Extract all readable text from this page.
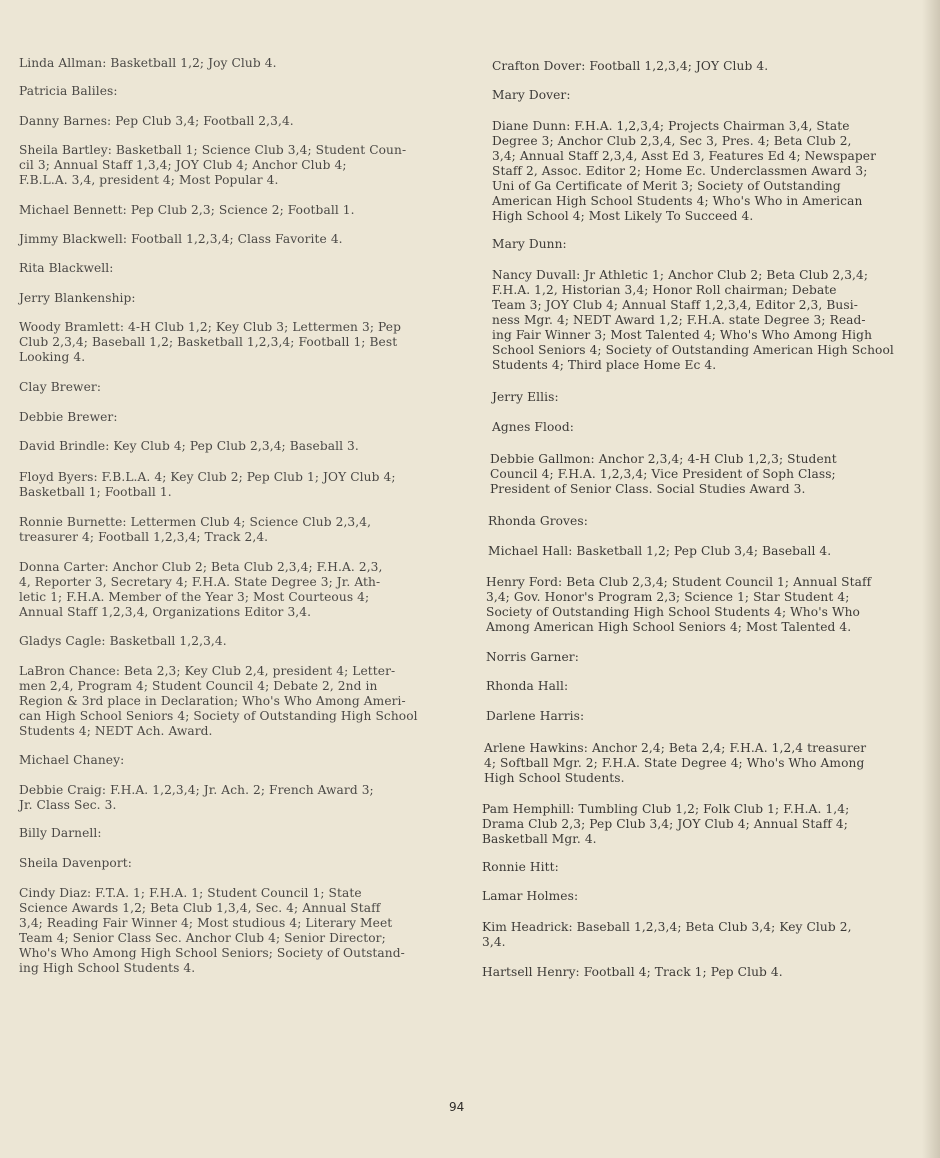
Linda Allman: Basketball 1,2; Joy Club 4.

Patricia Baliles:

Danny Barnes: Pep Club 3,4; Football 2,3,4.

Sheila Bartley: Basketball 1; Science Club 3,4; Student Coun-
cil 3; Annual Staff 1,3,4; JOY Club 4; Anchor Club 4;
F.B.L.A. 3,4, president 4; Most Popular 4.

Michael Bennett: Pep Club 2,3; Science 2; Football 1.

Jimmy Blackwell: Football 1,2,3,4; Class Favorite 4.

Rita Blackwell:

Jerry Blankenship:

Woody Bramlett: 4-H Club 1,2; Key Club 3; Lettermen 3; Pep
Club 2,3,4; Baseball 1,2; Basketball 1,2,3,4; Football 1; Best
Looking 4.

Clay Brewer:

Debbie Brewer:

David Brindle: Key Club 4; Pep Club 2,3,4; Baseball 3.

Floyd Byers: F.B.L.A. 4; Key Club 2; Pep Club 1; JOY Club 4;
Basketball 1; Football 1.

Ronnie Burnette: Lettermen Club 4; Science Club 2,3,4,
treasurer 4; Football 1,2,3,4; Track 2,4.

Donna Carter: Anchor Club 2; Beta Club 2,3,4; F.H.A. 2,3,
4, Reporter 3, Secretary 4; F.H.A. State Degree 3; Jr. Ath-
letic 1; F.H.A. Member of the Year 3; Most Courteous 4;
Annual Staff 1,2,3,4, Organizations Editor 3,4.

Gladys Cagle: Basketball 1,2,3,4.

LaBron Chance: Beta 2,3; Key Club 2,4, president 4; Letter-
men 2,4, Program 4; Student Council 4; Debate 2, 2nd in
Region & 3rd place in Declaration; Who's Who Among Ameri-
can High School Seniors 4; Society of Outstanding High School
Students 4; NEDT Ach. Award.

Michael Chaney:

Debbie Craig: F.H.A. 1,2,3,4; Jr. Ach. 2; French Award 3;
Jr. Class Sec. 3.

Billy Darnell:

Sheila Davenport:

Cindy Diaz: F.T.A. 1; F.H.A. 1; Student Council 1; State
Science Awards 1,2; Beta Club 1,3,4, Sec. 4; Annual Staff
3,4; Reading Fair Winner 4; Most studious 4; Literary Meet
Team 4; Senior Class Sec. Anchor Club 4; Senior Director;
Who's Who Among High School Seniors; Society of Outstand-
ing High School Students 4.

Crafton Dover: Football 1,2,3,4; JOY Club 4.

Mary Dover:

Diane Dunn: F.H.A. 1,2,3,4; Projects Chairman 3,4, State
Degree 3; Anchor Club 2,3,4, Sec 3, Pres. 4; Beta Club 2,
3,4; Annual Staff 2,3,4, Asst Ed 3, Features Ed 4; Newspaper
Staff 2, Assoc. Editor 2; Home Ec. Underclassmen Award 3;
Uni of Ga Certificate of Merit 3; Society of Outstanding
American High School Students 4; Who's Who in American
High School 4; Most Likely To Succeed 4.

Mary Dunn:

Nancy Duvall: Jr Athletic 1; Anchor Club 2; Beta Club 2,3,4;
F.H.A. 1,2, Historian 3,4; Honor Roll chairman; Debate
Team 3; JOY Club 4; Annual Staff 1,2,3,4, Editor 2,3, Busi-
ness Mgr. 4; NEDT Award 1,2; F.H.A. state Degree 3; Read-
ing Fair Winner 3; Most Talented 4; Who's Who Among High
School Seniors 4; Society of Outstanding American High School
Students 4; Third place Home Ec 4.

Jerry Ellis:

Agnes Flood:

Debbie Gallmon: Anchor 2,3,4; 4-H Club 1,2,3; Student
Council 4; F.H.A. 1,2,3,4; Vice President of Soph Class;
President of Senior Class. Social Studies Award 3.

Rhonda Groves:

Michael Hall: Basketball 1,2; Pep Club 3,4; Baseball 4.

Henry Ford: Beta Club 2,3,4; Student Council 1; Annual Staff
3,4; Gov. Honor's Program 2,3; Science 1; Star Student 4;
Society of Outstanding High School Students 4; Who's Who
Among American High School Seniors 4; Most Talented 4.

Norris Garner:

Rhonda Hall:

Darlene Harris:

Arlene Hawkins: Anchor 2,4; Beta 2,4; F.H.A. 1,2,4 treasurer
4; Softball Mgr. 2; F.H.A. State Degree 4; Who's Who Among
High School Students.

Pam Hemphill: Tumbling Club 1,2; Folk Club 1; F.H.A. 1,4;
Drama Club 2,3; Pep Club 3,4; JOY Club 4; Annual Staff 4;
Basketball Mgr. 4.

Ronnie Hitt:

Lamar Holmes:

Kim Headrick: Baseball 1,2,3,4; Beta Club 3,4; Key Club 2,
3,4.

Hartsell Henry: Football 4; Track 1; Pep Club 4.

94
